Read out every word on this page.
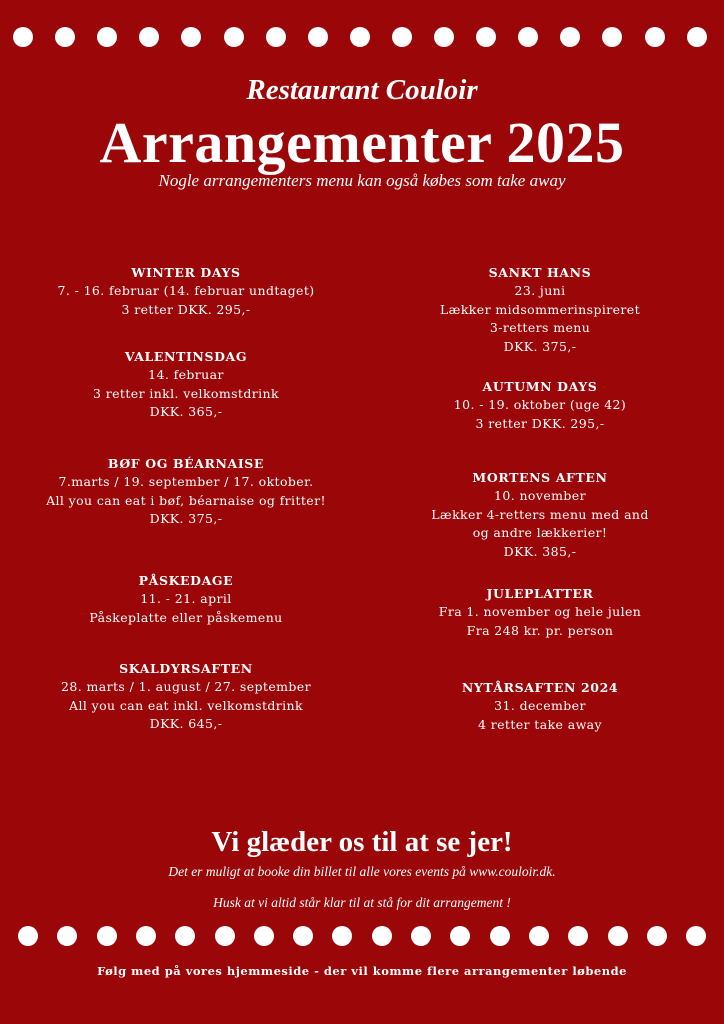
Restaurant Couloir
Arrangementer 2025
Nogle arrangementers menu kan også købes som take away
WINTER DAYS
7. - 16. februar (14. februar undtaget)
3 retter DKK. 295,-
VALENTINSDAG
14. februar
3 retter inkl. velkomstdrink
DKK. 365,-
BØF OG BÉARNAISE
7.marts / 19. september / 17. oktober.
All you can eat i bøf, béarnaise og fritter!
DKK. 375,-
PÅSKEDAGE
11. - 21. april
Påskeplatte eller påskemenu
SKALDYRSAFTEN
28. marts / 1. august / 27. september
All you can eat inkl. velkomstdrink
DKK. 645,-
SANKT HANS
23. juni
Lækker midsommerinspireret
3-retters menu
DKK. 375,-
AUTUMN DAYS
10. - 19. oktober (uge 42)
3 retter DKK. 295,-
MORTENS AFTEN
10. november
Lækker 4-retters menu med and
og andre lækkerier!
DKK. 385,-
JULEPLATTER
Fra 1. november og hele julen
Fra 248 kr. pr. person
NYTÅRSAFTEN 2024
31. december
4 retter take away
Vi glæder os til at se jer!
Det er muligt at booke din billet til alle vores events på www.couloir.dk.
Husk at vi altid står klar til at stå for dit arrangement !
Følg med på vores hjemmeside - der vil komme flere arrangementer løbende
